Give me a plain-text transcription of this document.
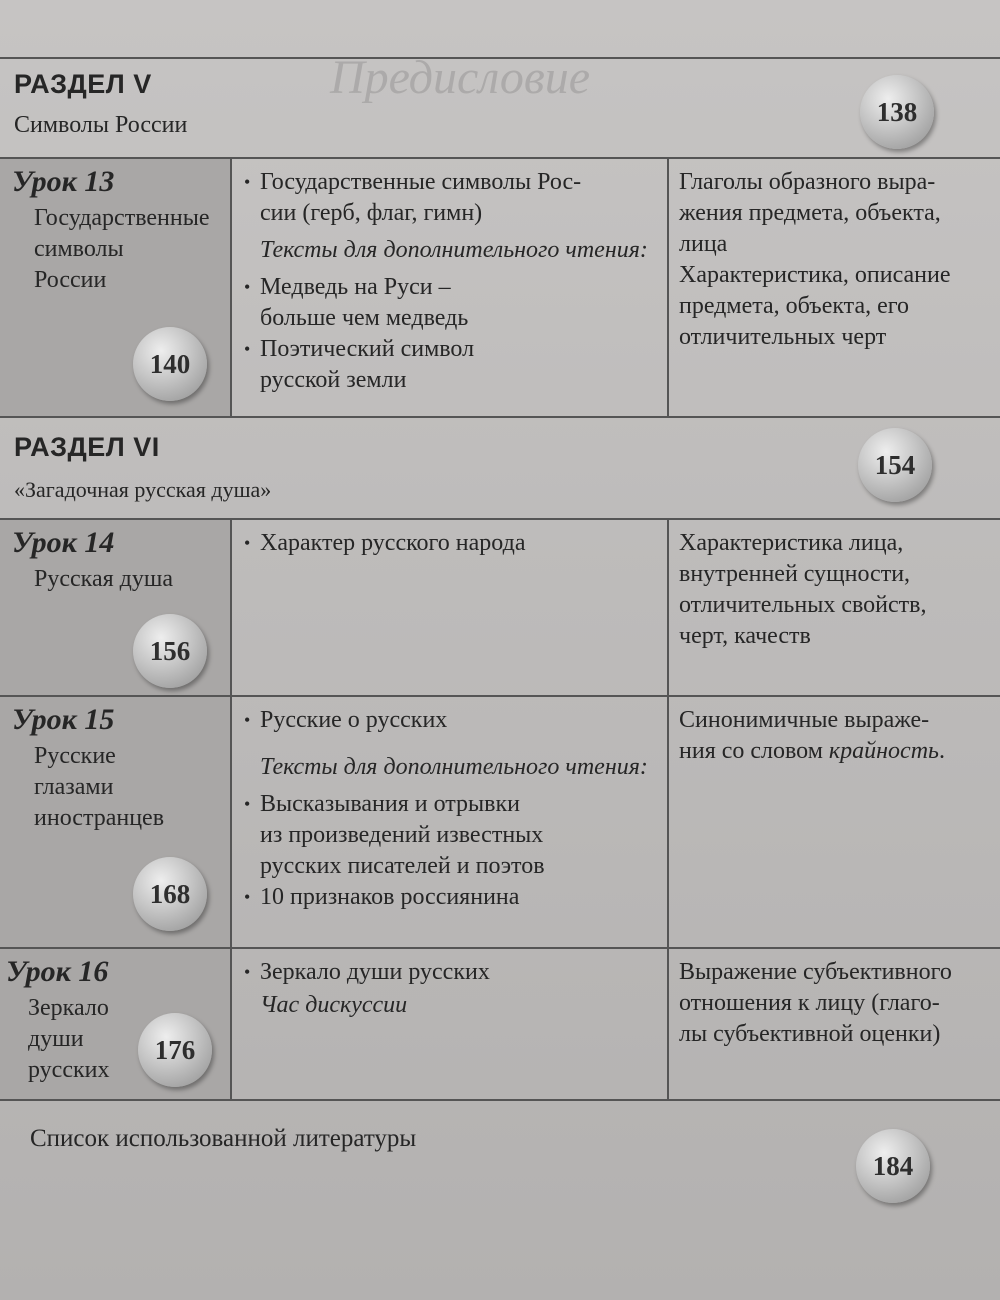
Предисловие
РАЗДЕЛ V
Символы России	138
Урок 13
Государственные
символы
России
140
• Государственные символы Рос-
сии (герб, флаг, гимн)
Тексты для дополнительного чтения:
• Медведь на Руси –
больше чем медведь
• Поэтический символ
русской земли
Глаголы образного выра-
жения предмета, объекта,
лица
Характеристика, описание
предмета, объекта, его
отличительных черт
РАЗДЕЛ VI
«Загадочная русская душа»
154
Урок 14
Русская душа
156
• Характер русского народа	Характеристика лица,
внутренней сущности,
отличительных свойств,
черт, качеств
Урок 15
Русские
глазами
иностранцев
168
• Русские о русских
Тексты для дополнительного чтения:
• Высказывания и отрывки
из произведений известных
русских писателей и поэтов
• 10 признаков россиянина
Синонимичные выраже-
ния со словом крайность.
Урок 16
Зеркало
души
русских
176
• Зеркало души русских
Час дискуссии
Выражение субъективного
отношения к лицу (глаго-
лы субъективной оценки)
Список использованной литературы
184
